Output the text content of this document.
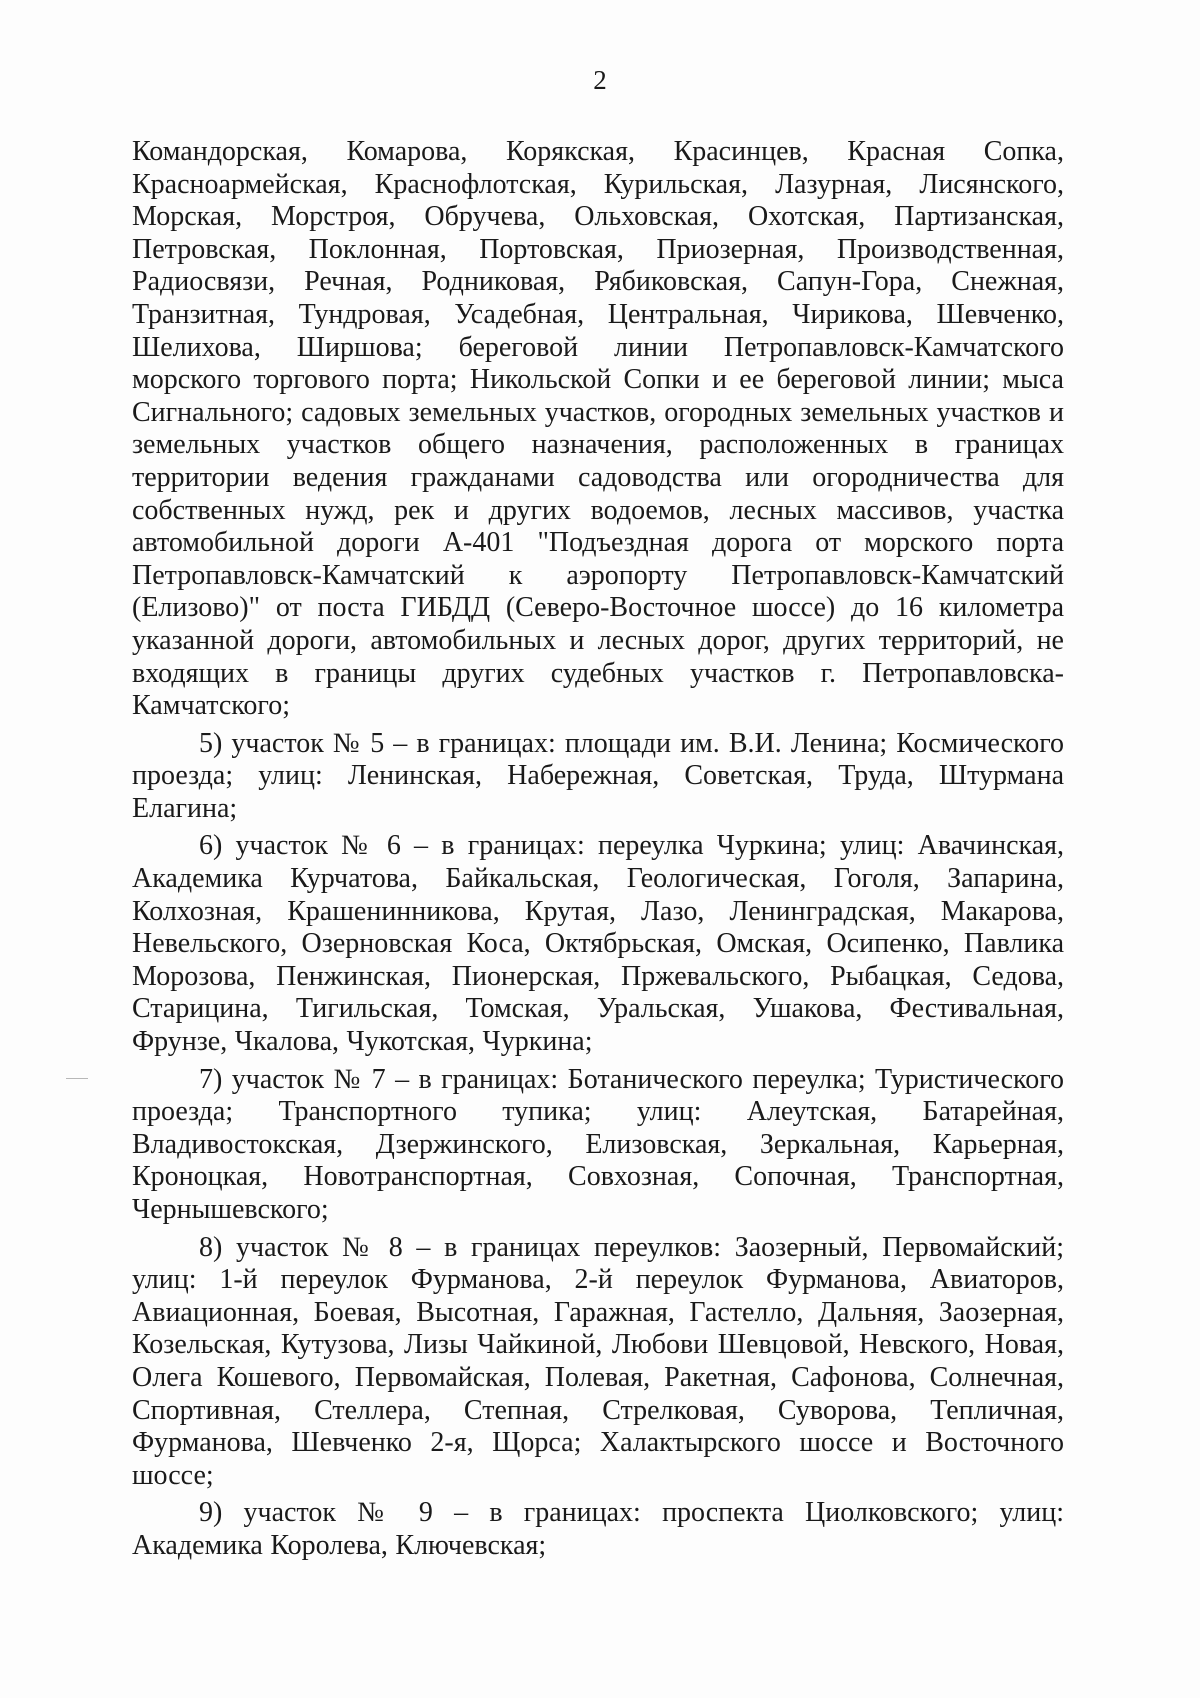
2

Командорская, Комарова, Корякская, Красинцев, Красная Сопка, Красноармейская, Краснофлотская, Курильская, Лазурная, Лисянского, Морская, Морстроя, Обручева, Ольховская, Охотская, Партизанская, Петровская, Поклонная, Портовская, Приозерная, Производственная, Радиосвязи, Речная, Родниковая, Рябиковская, Сапун-Гора, Снежная, Транзитная, Тундровая, Усадебная, Центральная, Чирикова, Шевченко, Шелихова, Ширшова; береговой линии Петропавловск-Камчатского морского торгового порта; Никольской Сопки и ее береговой линии; мыса Сигнального; садовых земельных участков, огородных земельных участков и земельных участков общего назначения, расположенных в границах территории ведения гражданами садоводства или огородничества для собственных нужд, рек и других водоемов, лесных массивов, участка автомобильной дороги А-401 "Подъездная дорога от морского порта Петропавловск-Камчатский к аэропорту Петропавловск-Камчатский (Елизово)" от поста ГИБДД (Северо-Восточное шоссе) до 16 километра указанной дороги, автомобильных и лесных дорог, других территорий, не входящих в границы других судебных участков г. Петропавловска-Камчатского;

5) участок № 5 – в границах: площади им. В.И. Ленина; Космического проезда; улиц: Ленинская, Набережная, Советская, Труда, Штурмана Елагина;

6) участок № 6 – в границах: переулка Чуркина; улиц: Авачинская, Академика Курчатова, Байкальская, Геологическая, Гоголя, Запарина, Колхозная, Крашенинникова, Крутая, Лазо, Ленинградская, Макарова, Невельского, Озерновская Коса, Октябрьская, Омская, Осипенко, Павлика Морозова, Пенжинская, Пионерская, Пржевальского, Рыбацкая, Седова, Старицина, Тигильская, Томская, Уральская, Ушакова, Фестивальная, Фрунзе, Чкалова, Чукотская, Чуркина;

7) участок № 7 – в границах: Ботанического переулка; Туристического проезда; Транспортного тупика; улиц: Алеутская, Батарейная, Владивостокская, Дзержинского, Елизовская, Зеркальная, Карьерная, Кроноцкая, Новотранспортная, Совхозная, Сопочная, Транспортная, Чернышевского;

8) участок № 8 – в границах переулков: Заозерный, Первомайский; улиц: 1-й переулок Фурманова, 2-й переулок Фурманова, Авиаторов, Авиационная, Боевая, Высотная, Гаражная, Гастелло, Дальняя, Заозерная, Козельская, Кутузова, Лизы Чайкиной, Любови Шевцовой, Невского, Новая, Олега Кошевого, Первомайская, Полевая, Ракетная, Сафонова, Солнечная, Спортивная, Стеллера, Степная, Стрелковая, Суворова, Тепличная, Фурманова, Шевченко 2-я, Щорса; Халактырского шоссе и Восточного шоссе;

9) участок № 9 – в границах: проспекта Циолковского; улиц: Академика Королева, Ключевская;
